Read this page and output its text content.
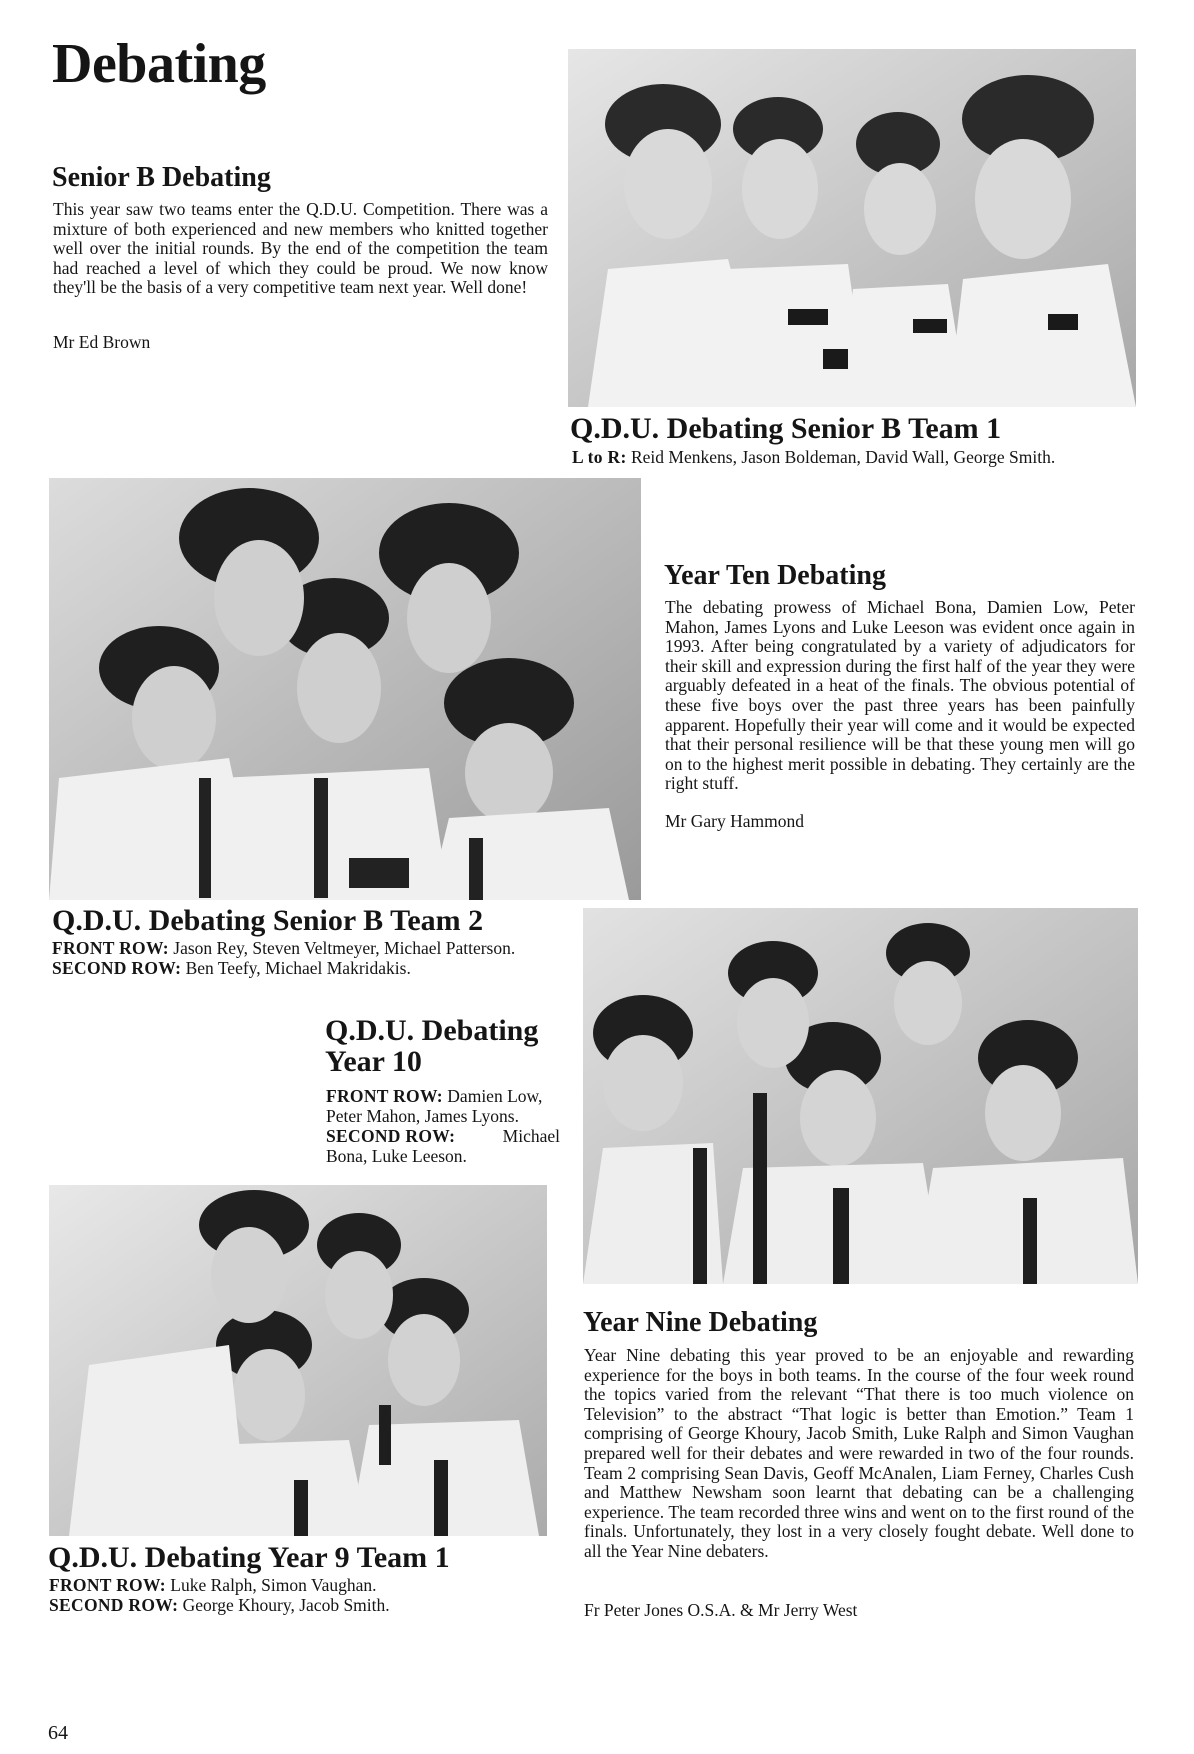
Debating
Senior B Debating

This year saw two teams enter the Q.D.U. Competition. There was a mixture of both experienced and new members who knitted together well over the initial rounds. By the end of the competition the team had reached a level of which they could be proud. We now know they'll be the basis of a very competitive team next year. Well done!

Mr Ed Brown

Q.D.U. Debating Senior B Team 1

L to R: Reid Menkens, Jason Boldeman, David Wall, George Smith.

Year Ten Debating

The debating prowess of Michael Bona, Damien Low, Peter Mahon, James Lyons and Luke Leeson was evident once again in 1993. After being congratulated by a variety of adjudicators for their skill and expression during the first half of the year they were arguably defeated in a heat of the finals. The obvious potential of these five boys over the past three years has been painfully apparent. Hopefully their year will come and it would be expected that their personal resilience will be that these young men will go on to the highest merit possible in debating. They certainly are the right stuff.

Mr Gary Hammond

Q.D.U. Debating Senior B Team 2

FRONT ROW: Jason Rey, Steven Veltmeyer, Michael Patterson.

SECOND ROW: Ben Teefy, Michael Makridakis.

Q.D.U. Debating
Year 10

FRONT ROW: Damien Low,

Peter Mahon, James Lyons.

SECOND ROW:	Michael

Bona, Luke Leeson.

Q.D.U. Debating Year 9 Team 1

FRONT ROW: Luke Ralph, Simon Vaughan.

SECOND ROW: George Khoury, Jacob Smith.

Year Nine Debating

Year Nine debating this year proved to be an enjoyable and rewarding experience for the boys in both teams. In the course of the four week round the topics varied from the relevant “That there is too much violence on Television” to the abstract “That logic is better than Emotion.” Team 1 comprising of George Khoury, Jacob Smith, Luke Ralph and Simon Vaughan prepared well for their debates and were rewarded in two of the four rounds. Team 2 comprising Sean Davis, Geoff McAnalen, Liam Ferney, Charles Cush and Matthew Newsham soon learnt that debating can be a challenging experience. The team recorded three wins and went on to the first round of the finals. Unfortunately, they lost in a very closely fought debate. Well done to all the Year Nine debaters.

Fr Peter Jones O.S.A. & Mr Jerry West

64
